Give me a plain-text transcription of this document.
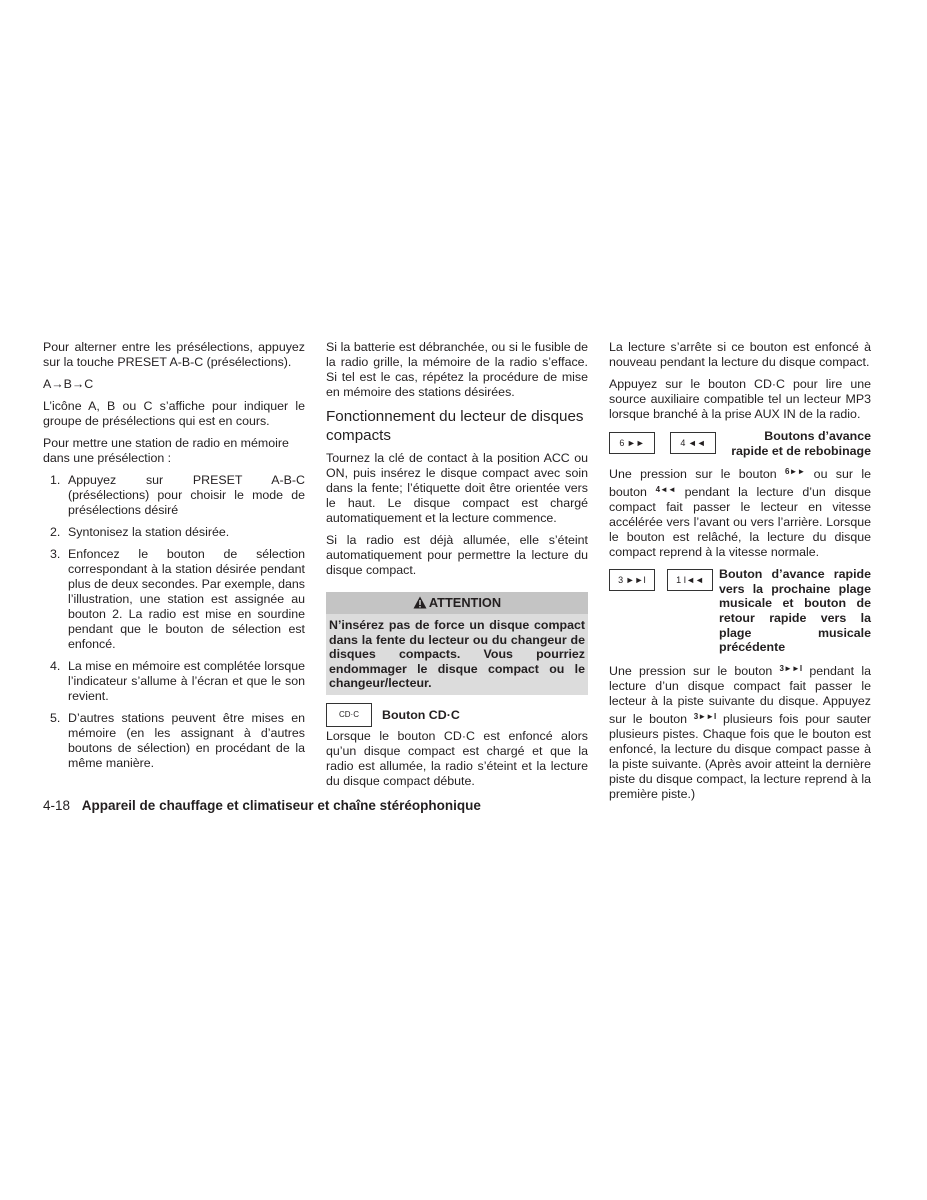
Pour alterner entre les présélections, appuyez sur la touche PRESET A-B-C (présélections).

A→B→C

L’icône A, B ou C s’affiche pour indiquer le groupe de présélections qui est en cours.

Pour mettre une station de radio en mémoire dans une présélection :

1. Appuyez sur PRESET A-B-C (présélections) pour choisir le mode de présélections désiré
2. Syntonisez la station désirée.
3. Enfoncez le bouton de sélection correspondant à la station désirée pendant plus de deux secondes. Par exemple, dans l’illustration, une station est assignée au bouton 2. La radio est mise en sourdine pendant que le bouton de sélection est enfoncé.
4. La mise en mémoire est complétée lorsque l’indicateur s’allume à l’écran et que le son revient.
5. D’autres stations peuvent être mises en mémoire (en les assignant à d’autres boutons de sélection) en procédant de la même manière.

Si la batterie est débranchée, ou si le fusible de la radio grille, la mémoire de la radio s’efface. Si tel est le cas, répétez la procédure de mise en mémoire des stations désirées.

Fonctionnement du lecteur de disques compacts

Tournez la clé de contact à la position ACC ou ON, puis insérez le disque compact avec soin dans la fente; l’étiquette doit être orientée vers le haut. Le disque compact est chargé automatiquement et la lecture commence.

Si la radio est déjà allumée, elle s’éteint automatiquement pour permettre la lecture du disque compact.

ATTENTION
N’insérez pas de force un disque compact dans la fente du lecteur ou du changeur de disques compacts. Vous pourriez endommager le disque compact ou le changeur/lecteur.
CD·C	Bouton CD·C

Lorsque le bouton CD·C est enfoncé alors qu’un disque compact est chargé et que la radio est allumée, la radio s’éteint et la lecture du disque compact débute.

La lecture s’arrête si ce bouton est enfoncé à nouveau pendant la lecture du disque compact.

Appuyez sur le bouton CD·C pour lire une source auxiliaire compatible tel un lecteur MP3 lorsque branché à la prise AUX IN de la radio.

6 ►►	4 ◄◄	Boutons d’avance rapide et de rebobinage

Une pression sur le bouton $^{6►►}$ ou sur le bouton $^{4◄◄}$ pendant la lecture d’un disque compact fait passer le lecteur en vitesse accélérée vers l’avant ou vers l’arrière. Lorsque le bouton est relâché, la lecture du disque compact reprend à la vitesse normale.

3 ►►I	1 I◄◄	Bouton d’avance rapide vers la prochaine plage musicale et bouton de retour rapide vers la plage musicale précédente

Une pression sur le bouton $^{3►►I}$ pendant la lecture d’un disque compact fait passer le lecteur à la piste suivante du disque. Appuyez sur le bouton $^{3►►I}$ plusieurs fois pour sauter plusieurs pistes. Chaque fois que le bouton est enfoncé, la lecture du disque compact passe à la piste suivante. (Après avoir atteint la dernière piste du disque compact, la lecture reprend à la première piste.)

4-18 Appareil de chauffage et climatiseur et chaîne stéréophonique
